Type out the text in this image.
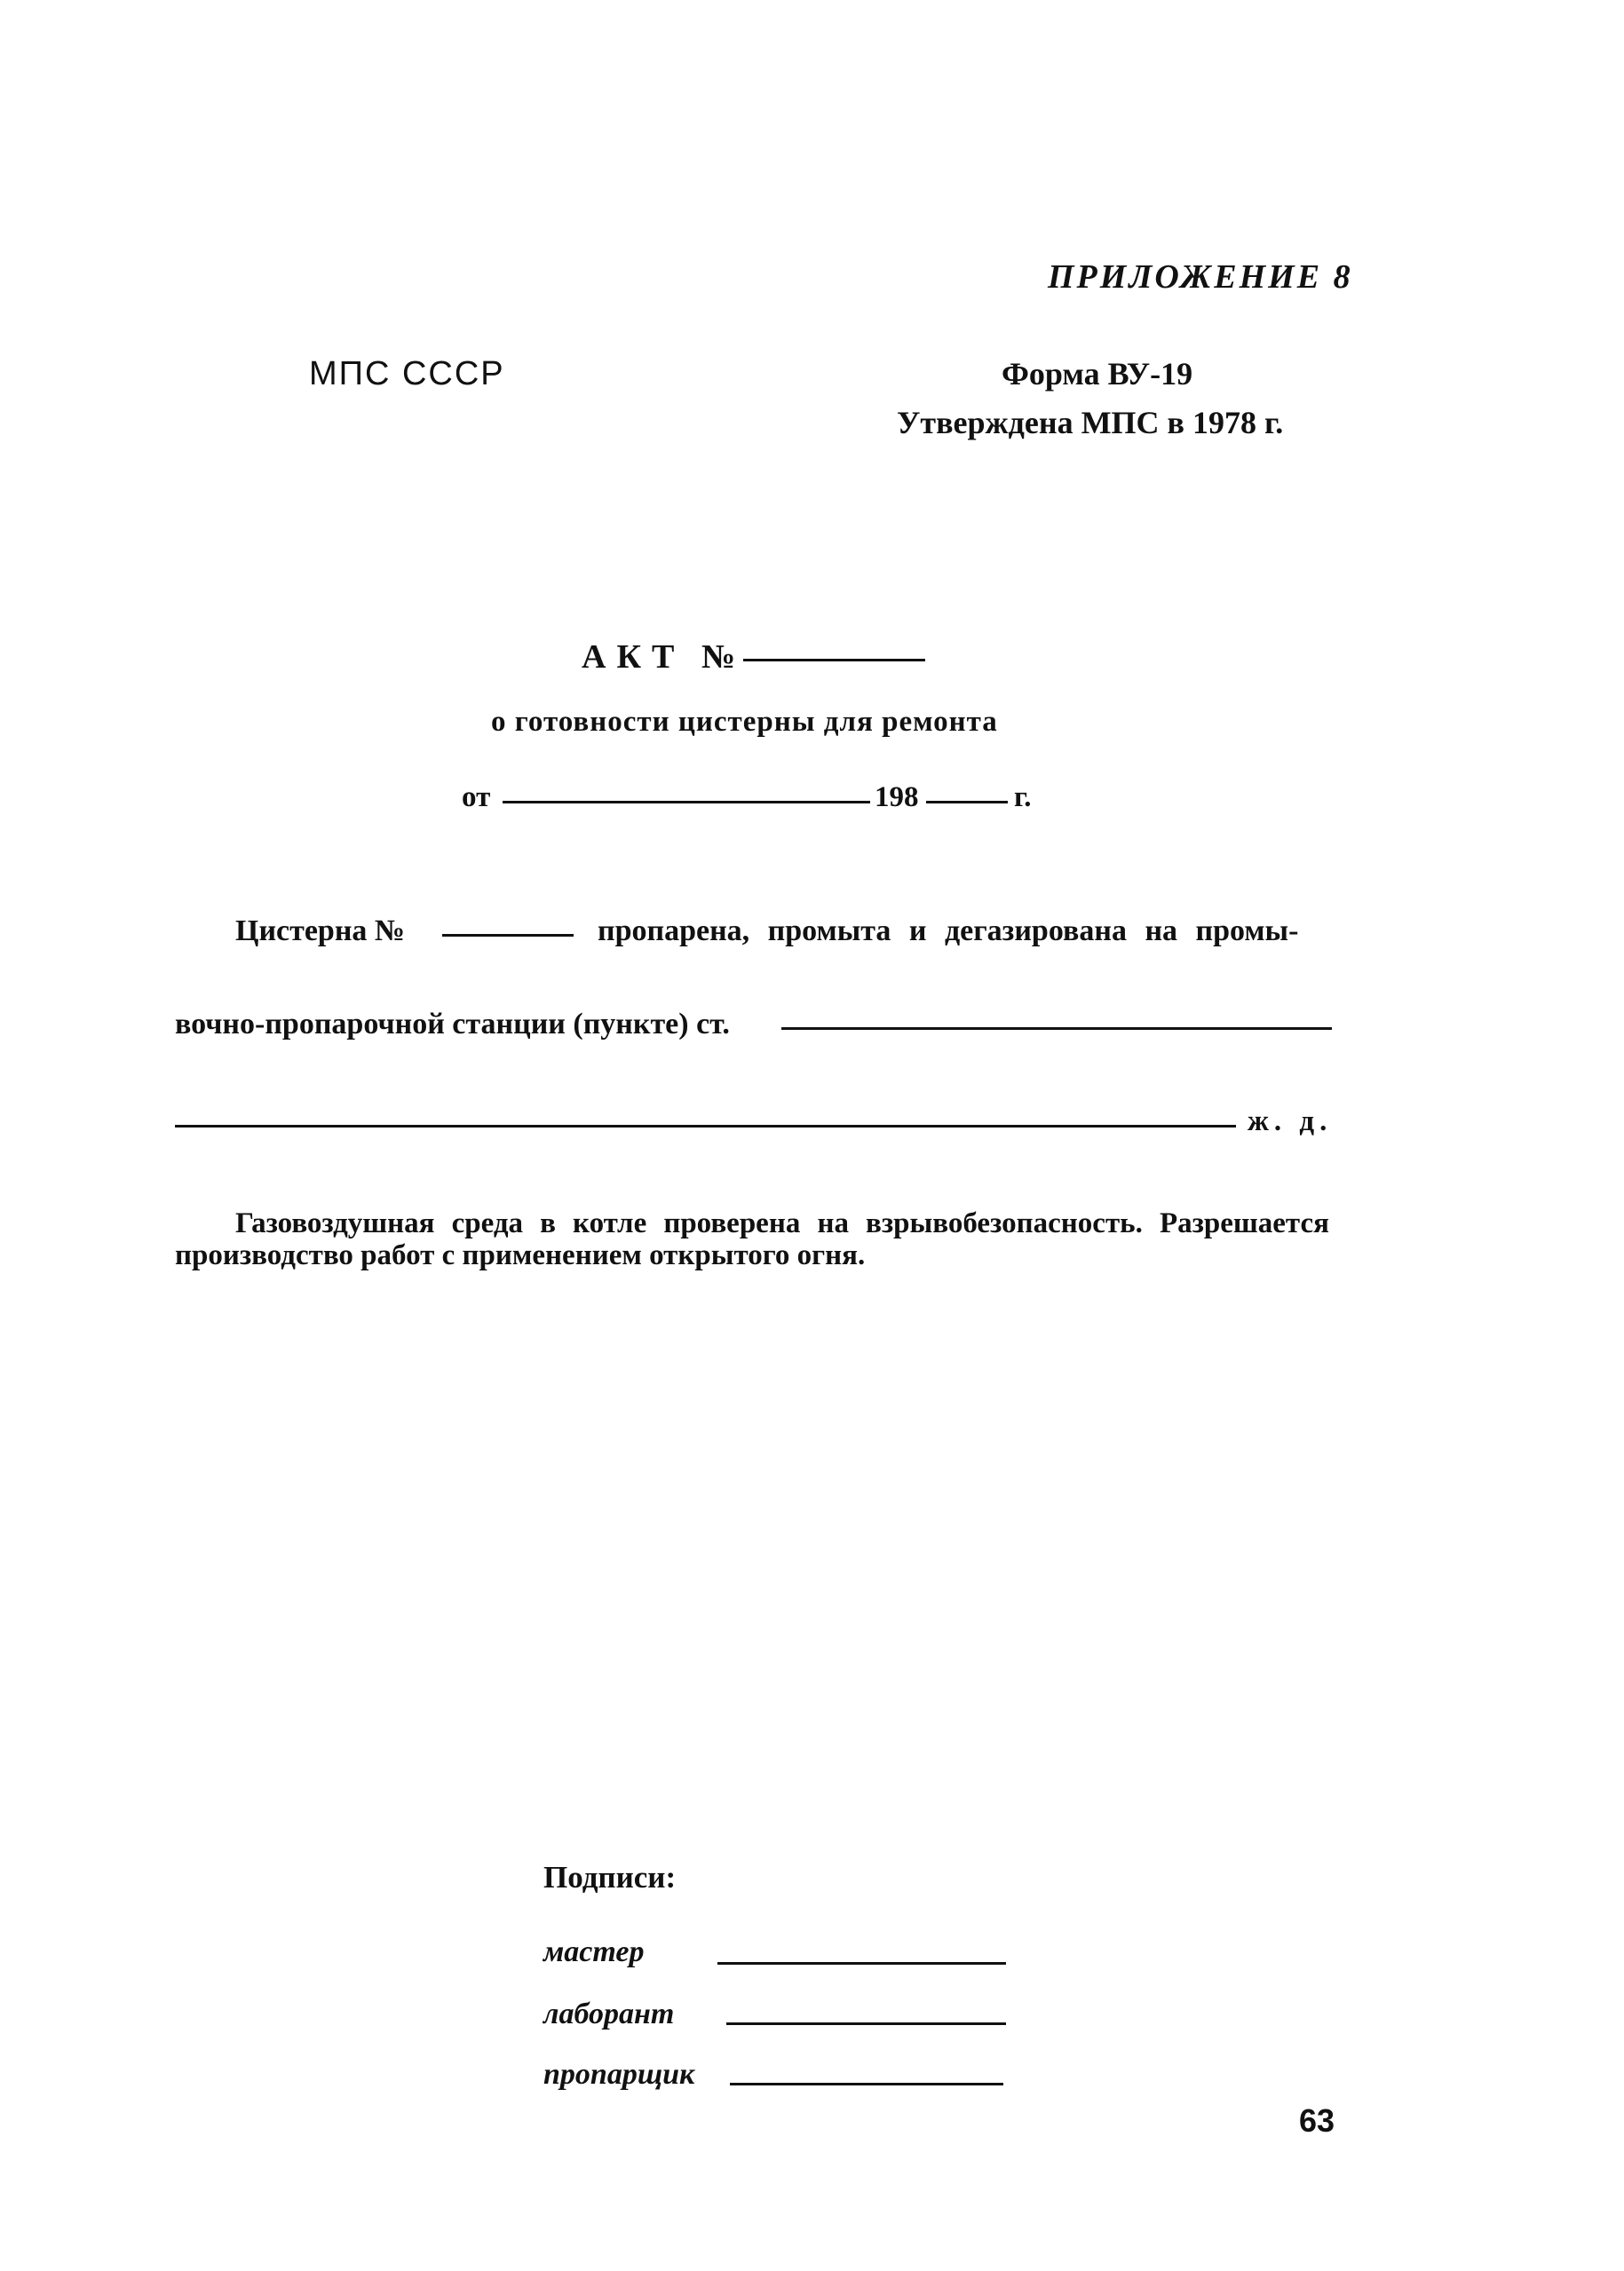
ПРИЛОЖЕНИЕ 8
МПС СССР	Форма ВУ-19
Утверждена МПС в 1978 г.
АКТ №
о готовности цистерны для ремонта
от	198	г.
Цистерна №	пропарена, промыта и дегазирована на промы-
вочно-пропарочной станции (пункте) ст.
ж. д.
Газовоздушная среда в котле проверена на взрывобезопасность. Разрешается производство работ с применением открытого огня.
Подписи:
мастер
лаборант
пропарщик
63
